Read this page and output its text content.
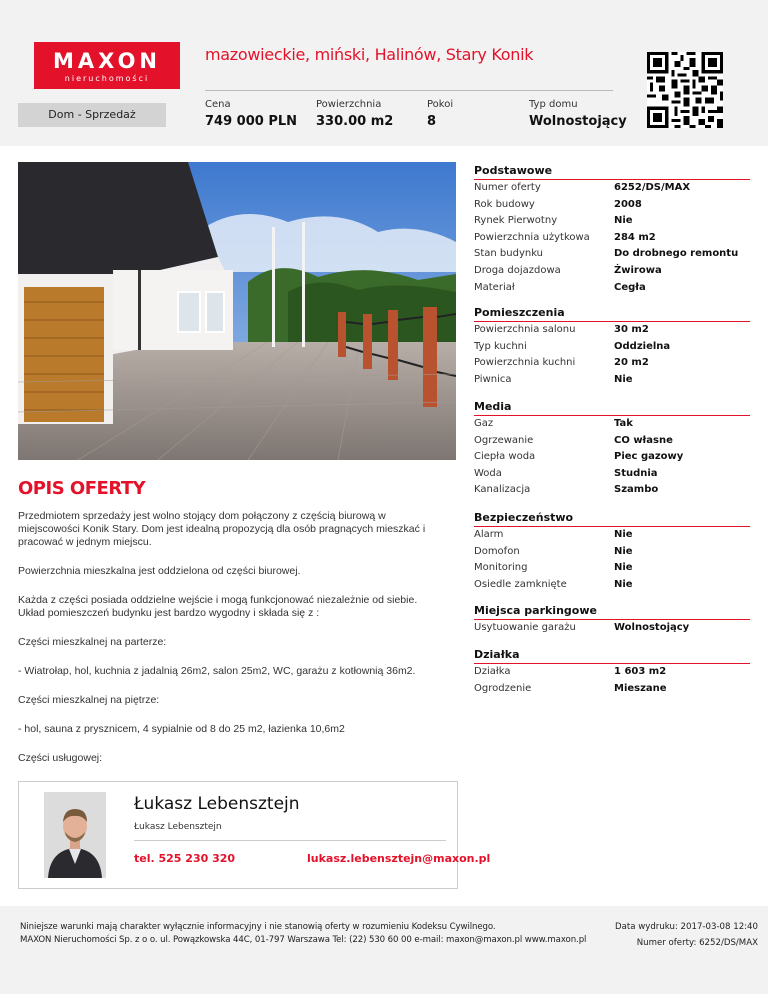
MAXON
nieruchomości
Dom - Sprzedaż
mazowieckie, miński, Halinów, Stary Konik
Cena
749 000 PLN
Powierzchnia
330.00 m2
Pokoi
8
Typ domu
Wolnostojący
OPIS OFERTY

Przedmiotem sprzedaży jest wolno stojący dom połączony z częścią biurową w miejscowości Konik Stary. Dom jest idealną propozycją dla osób pragnących mieszkać i pracować w jednym miejscu.

Powierzchnia mieszkalna jest oddzielona od części biurowej.

Każda z części posiada oddzielne wejście i mogą funkcjonować niezależnie od siebie. Układ pomieszczeń budynku jest bardzo wygodny i składa się z :

Części mieszkalnej na parterze:

- Wiatrołap, hol, kuchnia z jadalnią 26m2, salon 25m2, WC, garażu z kotłownią 36m2.

Części mieszkalnej na piętrze:

- hol, sauna z prysznicem, 4 sypialnie od 8 do 25 m2, łazienka 10,6m2

Części usługowej:

Podstawowe
Numer oferty	6252/DS/MAX
Rok budowy	2008
Rynek Pierwotny	Nie
Powierzchnia użytkowa 284 m2
Stan budynku	Do drobnego remontu
Droga dojazdowa	Żwirowa
Materiał	Cegła
Pomieszczenia
Powierzchnia salonu	30 m2
Typ kuchni	Oddzielna
Powierzchnia kuchni	20 m2
Piwnica	Nie
Media
Gaz	Tak
Ogrzewanie	CO własne
Ciepła woda	Piec gazowy
Woda	Studnia
Kanalizacja	Szambo
Bezpieczeństwo
Alarm	Nie
Domofon	Nie
Monitoring	Nie
Osiedle zamknięte	Nie
Miejsca parkingowe
Usytuowanie garażu	Wolnostojący
Działka
Działka	1 603 m2
Ogrodzenie	Mieszane
Łukasz Lebensztejn
Łukasz Lebensztejn
tel. 525 230 320	lukasz.lebensztejn@maxon.pl
Niniejsze warunki mają charakter wyłącznie informacyjny i nie stanowią oferty w rozumieniu Kodeksu Cywilnego.
MAXON Nieruchomości Sp. z o o. ul. Powązkowska 44C, 01-797 Warszawa Tel: (22) 530 60 00 e-mail: maxon@maxon.pl www.maxon.pl
Data wydruku: 2017-03-08 12:40
Numer oferty: 6252/DS/MAX
